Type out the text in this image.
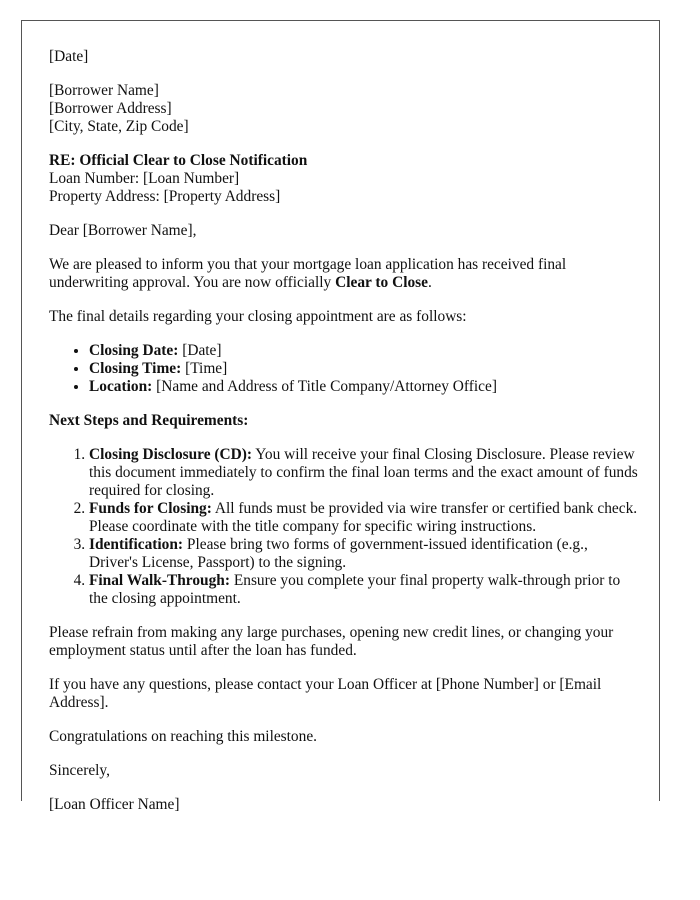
[Date]

[Borrower Name]
[Borrower Address]
[City, State, Zip Code]

RE: Official Clear to Close Notification
Loan Number: [Loan Number]
Property Address: [Property Address]

Dear [Borrower Name],

We are pleased to inform you that your mortgage loan application has received final underwriting approval. You are now officially Clear to Close.

The final details regarding your closing appointment are as follows:

• Closing Date: [Date]
• Closing Time: [Time]
• Location: [Name and Address of Title Company/Attorney Office]

Next Steps and Requirements:

1. Closing Disclosure (CD): You will receive your final Closing Disclosure. Please review this document immediately to confirm the final loan terms and the exact amount of funds required for closing.
2. Funds for Closing: All funds must be provided via wire transfer or certified bank check. Please coordinate with the title company for specific wiring instructions.
3. Identification: Please bring two forms of government-issued identification (e.g., Driver's License, Passport) to the signing.
4. Final Walk-Through: Ensure you complete your final property walk-through prior to the closing appointment.

Please refrain from making any large purchases, opening new credit lines, or changing your employment status until after the loan has funded.

If you have any questions, please contact your Loan Officer at [Phone Number] or [Email Address].

Congratulations on reaching this milestone.

Sincerely,

[Loan Officer Name]
